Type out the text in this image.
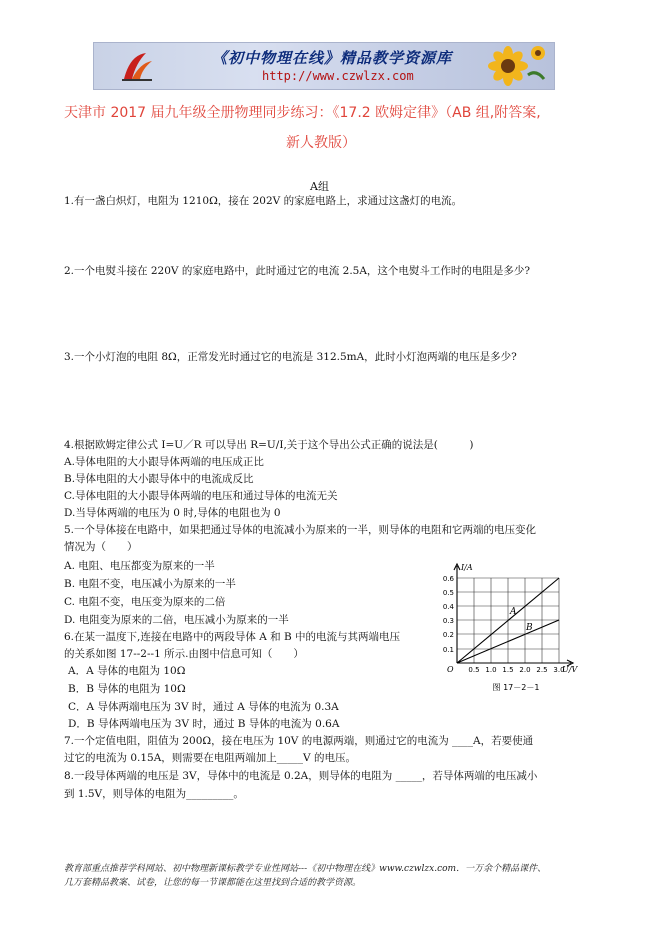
《初中物理在线》精品教学资源库
http://www.czwlzx.com
天津市 2017 届九年级全册物理同步练习：《17.2 欧姆定律》（AB 组,附答案,
新人教版）
A组
1.有一盏白炽灯，电阻为 1210Ω，接在 202V 的家庭电路上，求通过这盏灯的电流。
2.一个电熨斗接在 220V 的家庭电路中，此时通过它的电流 2.5A，这个电熨斗工作时的电阻是多少?
3.一个小灯泡的电阻 8Ω，正常发光时通过它的电流是 312.5mA，此时小灯泡两端的电压是多少?
4.根据欧姆定律公式 I=U／R 可以导出 R=U/I,关于这个导出公式正确的说法是(　　　)
A.导体电阻的大小跟导体两端的电压成正比
B.导体电阻的大小跟导体中的电流成反比
C.导体电阻的大小跟导体两端的电压和通过导体的电流无关
D.当导体两端的电压为 0 时,导体的电阻也为 0
5.一个导体接在电路中，如果把通过导体的电流减小为原来的一半，则导体的电阻和它两端的电压变化
情况为（　　）
A. 电阻、电压都变为原来的一半
B. 电阻不变，电压减小为原来的一半
C. 电阻不变，电压变为原来的二倍
D. 电阻变为原来的二倍，电压减小为原来的一半
6.在某一温度下,连接在电路中的两段导体 A 和 B 中的电流与其两端电压
的关系如图 17--2--1 所示.由图中信息可知（　　）
A．A 导体的电阻为 10Ω
B．B 导体的电阻为 10Ω
C．A 导体两端电压为 3V 时，通过 A 导体的电流为 0.3A
D．B 导体两端电压为 3V 时，通过 B 导体的电流为 0.6A
7.一个定值电阻，阻值为 200Ω，接在电压为 10V 的电源两端，则通过它的电流为 ____A，若要使通
过它的电流为 0.15A，则需要在电阻两端加上_____V 的电压。
8.一段导体两端的电压是 3V，导体中的电流是 0.2A，则导体的电阻为 _____，若导体两端的电压减小
到 1.5V，则导体的电阻为_________。
A
B
I/A
U/V
O
0.1
0.2
0.3
0.4
0.5
0.6
0.5 1.0 1.5 2.0 2.5 3.0
图 17－2－1
教育部重点推荐学科网站、初中物理新课标教学专业性网站---《初中物理在线》www.czwlzx.com．一万余个精品课件、
几万套精品教案、试卷，让您的每一节课都能在这里找到合适的教学资源。
